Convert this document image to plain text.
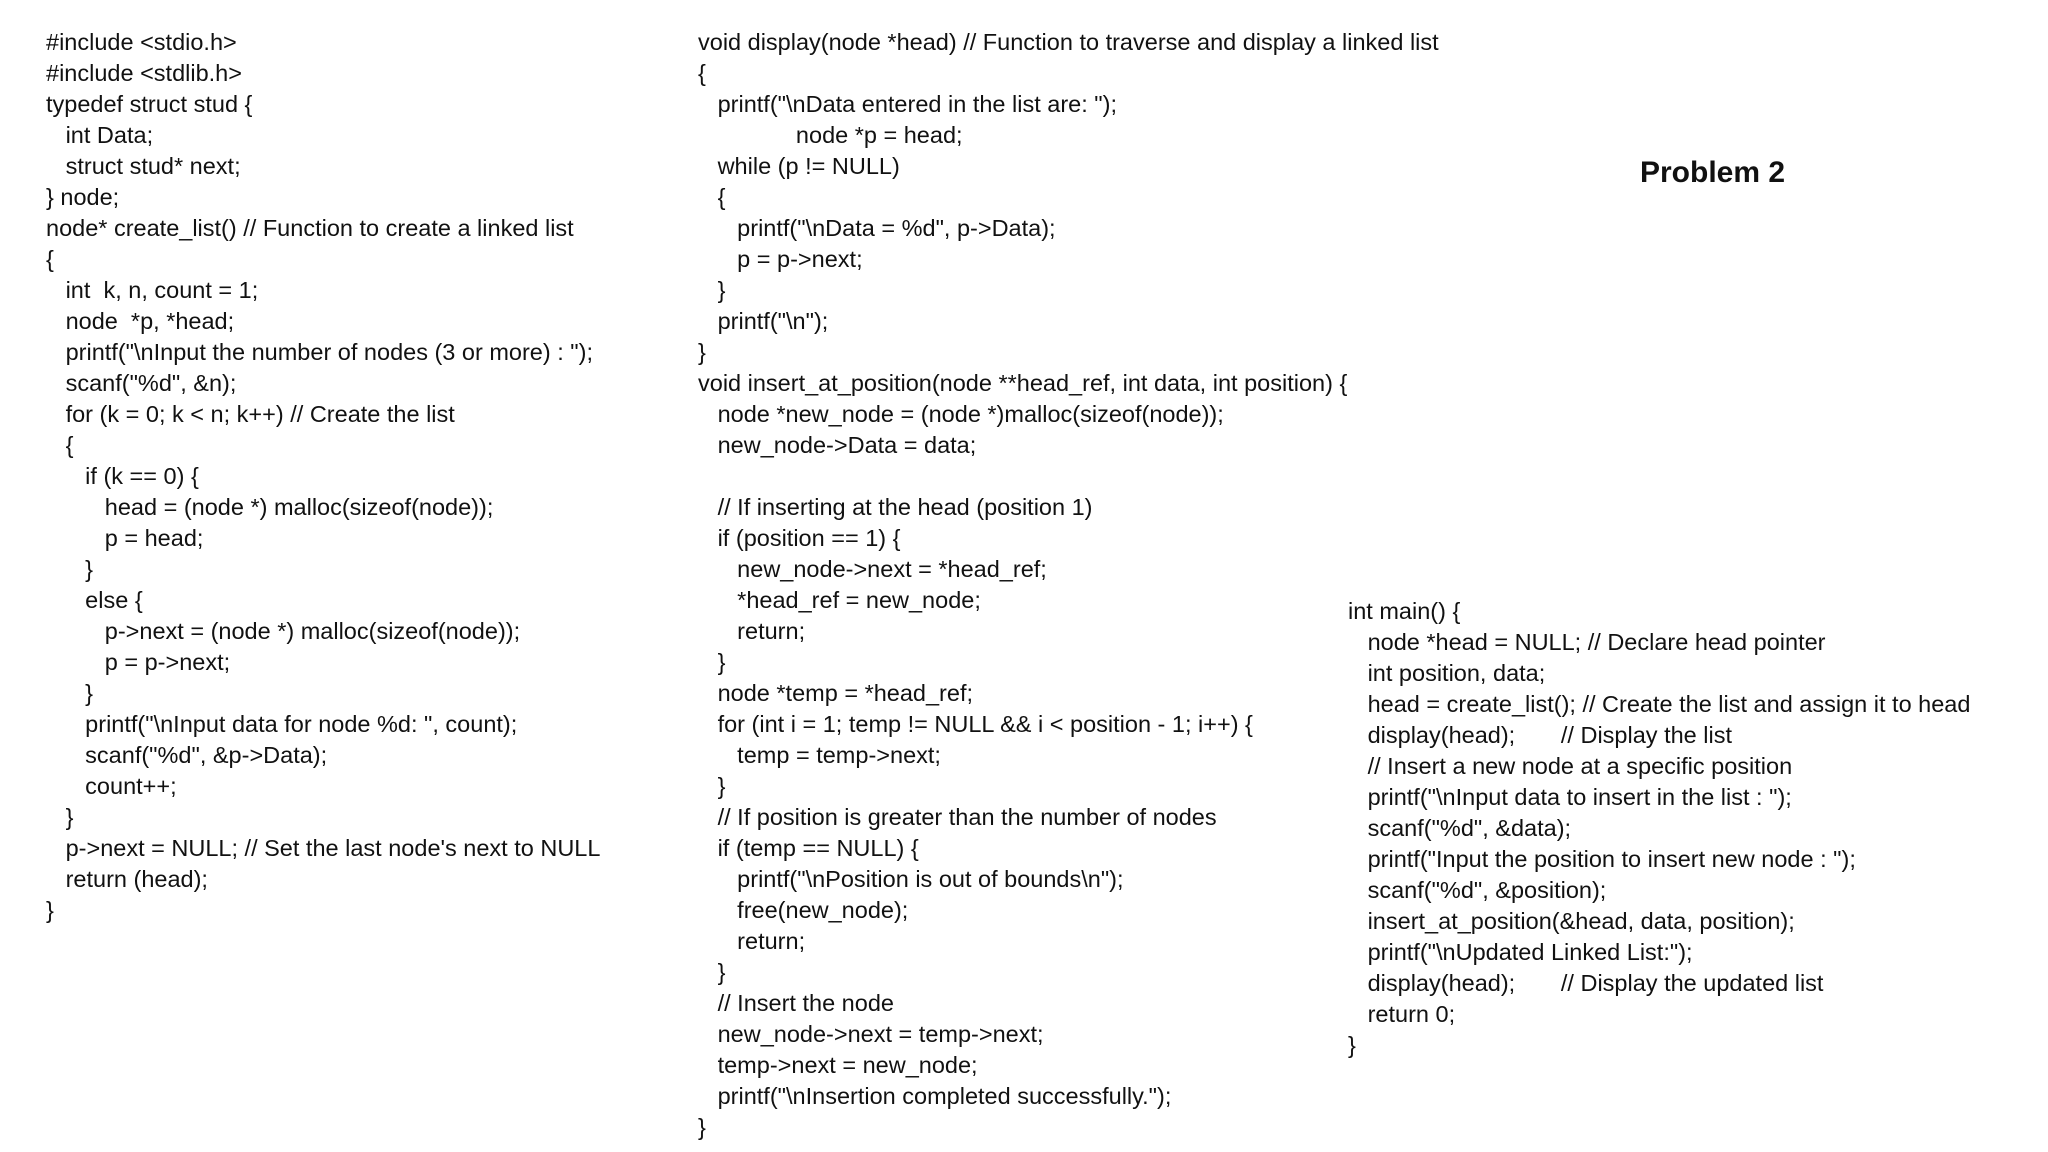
Problem 2
#include <stdio.h>
#include <stdlib.h>
typedef struct stud {
int Data;
struct stud* next;
} node;
node* create_list() // Function to create a linked list
{
int  k, n, count = 1;
node  *p, *head;
printf("\nInput the number of nodes (3 or more) : ");
scanf("%d", &n);
for (k = 0; k < n; k++) // Create the list
{
if (k == 0) {
head = (node *) malloc(sizeof(node));
p = head;
}
else {
p->next = (node *) malloc(sizeof(node));
p = p->next;
}
printf("\nInput data for node %d: ", count);
scanf("%d", &p->Data);
count++;
}
p->next = NULL; // Set the last node's next to NULL
return (head);
}
void display(node *head) // Function to traverse and display a linked list
{
printf("\nData entered in the list are: ");
node *p = head;
while (p != NULL)
{
printf("\nData = %d", p->Data);
p = p->next;
}
printf("\n");
}
void insert_at_position(node **head_ref, int data, int position) {
node *new_node = (node *)malloc(sizeof(node));
new_node->Data = data;
// If inserting at the head (position 1)
if (position == 1) {
new_node->next = *head_ref;
*head_ref = new_node;
return;
}
node *temp = *head_ref;
for (int i = 1; temp != NULL && i < position - 1; i++) {
temp = temp->next;
}
// If position is greater than the number of nodes
if (temp == NULL) {
printf("\nPosition is out of bounds\n");
free(new_node);
return;
}
// Insert the node
new_node->next = temp->next;
temp->next = new_node;
printf("\nInsertion completed successfully.");
}
int main() {
node *head = NULL; // Declare head pointer
int position, data;
head = create_list(); // Create the list and assign it to head
display(head);       // Display the list
// Insert a new node at a specific position
printf("\nInput data to insert in the list : ");
scanf("%d", &data);
printf("Input the position to insert new node : ");
scanf("%d", &position);
insert_at_position(&head, data, position);
printf("\nUpdated Linked List:");
display(head);       // Display the updated list
return 0;
}
